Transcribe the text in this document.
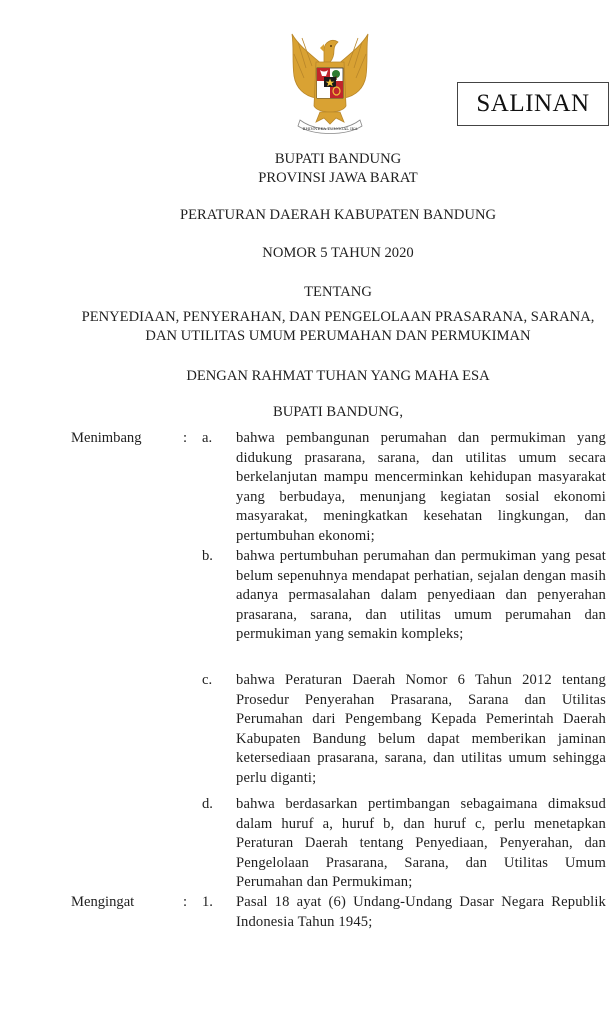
BHINNEKA TUNGGAL IKA
SALINAN
BUPATI BANDUNG
PROVINSI JAWA BARAT
PERATURAN DAERAH KABUPATEN BANDUNG
NOMOR 5 TAHUN 2020
TENTANG
PENYEDIAAN, PENYERAHAN, DAN PENGELOLAAN PRASARANA, SARANA,
DAN UTILITAS UMUM PERUMAHAN DAN PERMUKIMAN
DENGAN RAHMAT TUHAN YANG MAHA ESA
BUPATI BANDUNG,
Menimbang	: a. bahwa pembangunan perumahan dan permukiman yang didukung prasarana, sarana, dan utilitas umum secara berkelanjutan mampu mencerminkan kehidupan masyarakat yang berbudaya, menunjang kegiatan sosial ekonomi masyarakat, meningkatkan kesehatan lingkungan, dan pertumbuhan ekonomi;
b. bahwa pertumbuhan perumahan dan permukiman yang pesat belum sepenuhnya mendapat perhatian, sejalan dengan masih adanya permasalahan dalam penyediaan dan penyerahan prasarana, sarana, dan utilitas umum perumahan dan permukiman yang semakin kompleks;
c. bahwa Peraturan Daerah Nomor 6 Tahun 2012 tentang Prosedur Penyerahan Prasarana, Sarana dan Utilitas Perumahan dari Pengembang Kepada Pemerintah Daerah Kabupaten Bandung belum dapat memberikan jaminan ketersediaan prasarana, sarana, dan utilitas umum sehingga perlu diganti;
d. bahwa berdasarkan pertimbangan sebagaimana dimaksud dalam huruf a, huruf b, dan huruf c, perlu menetapkan Peraturan Daerah tentang Penyediaan, Penyerahan, dan Pengelolaan Prasarana, Sarana, dan Utilitas Umum Perumahan dan Permukiman;
Mengingat	: 1. Pasal 18 ayat (6) Undang-Undang Dasar Negara Republik Indonesia Tahun 1945;
